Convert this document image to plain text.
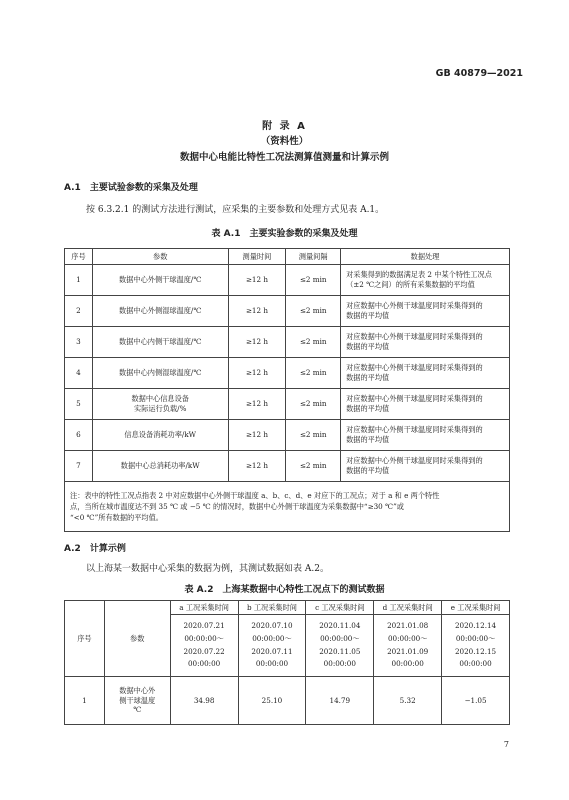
GB 40879—2021
附 录 A
（资料性）
数据中心电能比特性工况法测算值测量和计算示例
A.1　主要试验参数的采集及处理
按 6.3.2.1 的测试方法进行测试，应采集的主要参数和处理方式见表 A.1。
表 A.1　主要实验参数的采集及处理
序号	参数	测量时间	测量间隔	数据处理
1	数据中心外侧干球温度/℃	≥12 h	≤2 min	对采集得到的数据满足表 2 中某个特性工况点
（±2 ℃之间）的所有采集数据的平均值

2	数据中心外侧湿球温度/℃	≥12 h	≤2 min	对应数据中心外侧干球温度同时采集得到的
数据的平均值

3	数据中心内侧干球温度/℃	≥12 h	≤2 min	对应数据中心外侧干球温度同时采集得到的
数据的平均值

4	数据中心内侧湿球温度/℃	≥12 h	≤2 min	对应数据中心外侧干球温度同时采集得到的
数据的平均值

5	数据中心信息设备
实际运行负载/%	≥12 h	≤2 min	对应数据中心外侧干球温度同时采集得到的
数据的平均值

6	信息设备消耗功率/kW	≥12 h	≤2 min	对应数据中心外侧干球温度同时采集得到的
数据的平均值

7	数据中心总消耗功率/kW	≥12 h	≤2 min	对应数据中心外侧干球温度同时采集得到的
数据的平均值

注：表中的特性工况点指表 2 中对应数据中心外侧干球温度 a、b、c、d、e 对应下的工况点；对于 a 和 e 两个特性
点，当所在城市温度达不到 35 ℃ 或 −5 ℃ 的情况时，数据中心外侧干球温度为采集数据中“≥30 ℃”或
“<0 ℃”所有数据的平均值。				
A.2　计算示例
以上海某一数据中心采集的数据为例，其测试数据如表 A.2。
表 A.2　上海某数据中心特性工况点下的测试数据
序号	参数	a 工况采集时间	b 工况采集时间	c 工况采集时间	d 工况采集时间	e 工况采集时间

		2020.07.21
00:00:00～
2020.07.22
00:00:00	2020.07.10
00:00:00～
2020.07.11
00:00:00	2020.11.04
00:00:00～
2020.11.05
00:00:00	2021.01.08
00:00:00～
2021.01.09
00:00:00	2020.12.14
00:00:00～
2020.12.15
00:00:00

1	数据中心外
侧干球温度
℃	34.98	25.10	14.79	5.32	−1.05
7
